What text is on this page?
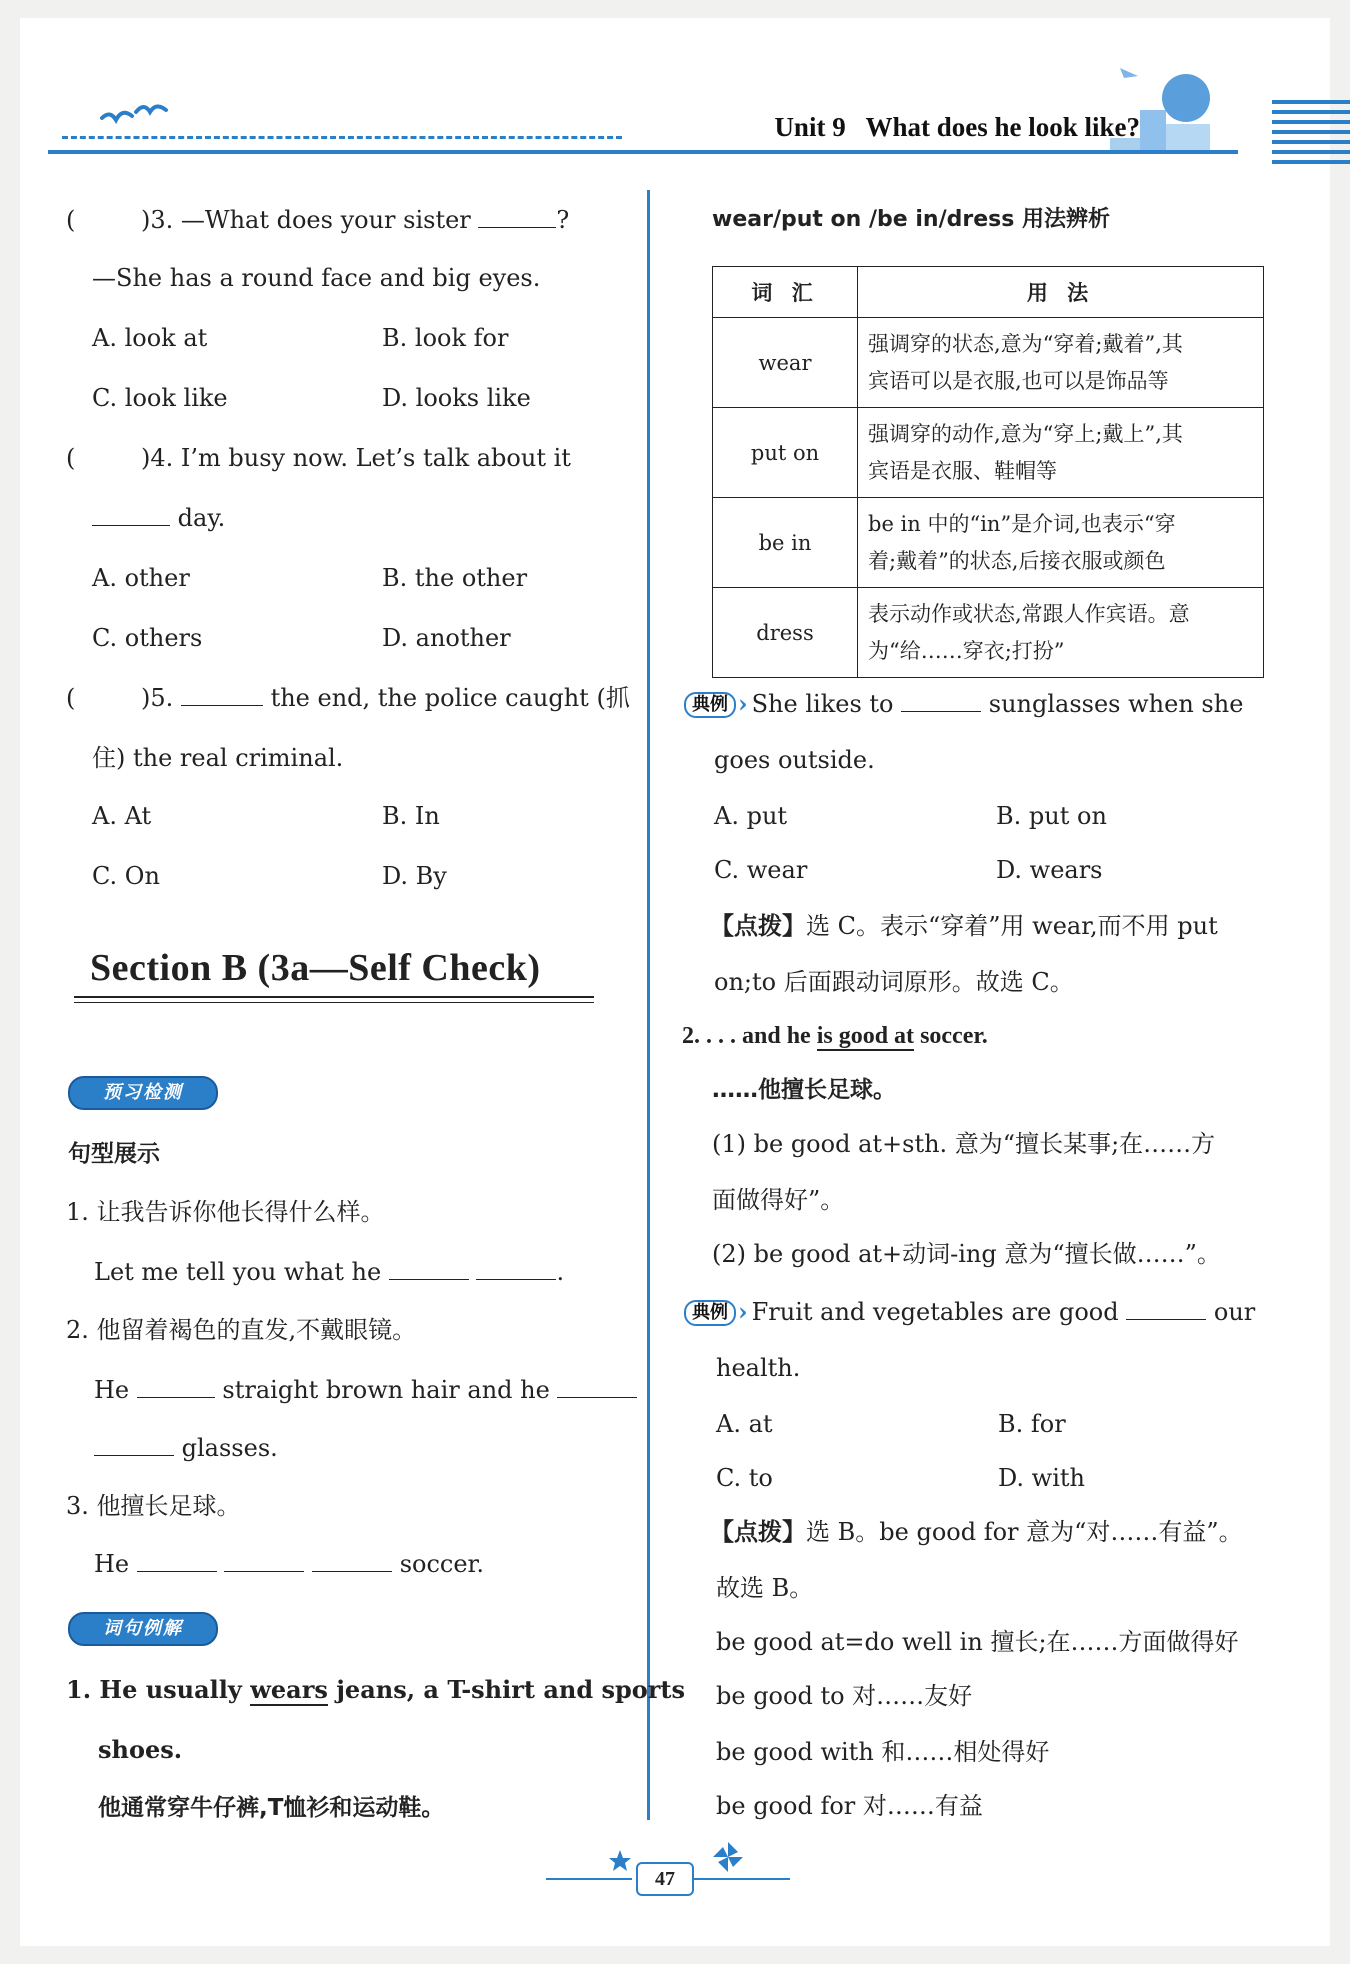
Unit 9   What does he look like?
(	)3. —What does your sister	?
—She has a round face and big eyes.
A. look at	B. look for
C. look like	D. looks like
(	)4. I’m busy now. Let’s talk about it
day.
A. other	B. the other
C. others	D. another
(	)5.	the end, the police caught (抓
住) the real criminal.
A. At	B. In
C. On	D. By
Section B (3a—Self Check)
预习检测
句型展示
1. 让我告诉你他长得什么样。
Let me tell you what he	.
2. 他留着褐色的直发,不戴眼镜。
He	straight brown hair and he
glasses.
3. 他擅长足球。
He	soccer.
词句例解
1. He usually wears jeans, a T-shirt and sports
shoes.
他通常穿牛仔裤,T恤衫和运动鞋。
wear/put on /be in/dress 用法辨析
词 汇	用 法
wear	强调穿的状态,意为“穿着;戴着”,其
宾语可以是衣服,也可以是饰品等

put on	强调穿的动作,意为“穿上;戴上”,其
宾语是衣服、鞋帽等

be in	be in 中的“in”是介词,也表示“穿
着;戴着”的状态,后接衣服或颜色

dress	表示动作或状态,常跟人作宾语。意
为“给……穿衣;打扮”
典例 › She likes to	sunglasses when she
goes outside.
A. put	B. put on
C. wear	D. wears
【点拨】选 C。表示“穿着”用 wear,而不用 put
on;to 后面跟动词原形。故选 C。
2. . . . and he is good at soccer.
……他擅长足球。
(1) be good at+sth. 意为“擅长某事;在……方
面做得好”。
(2) be good at+动词-ing 意为“擅长做……”。
典例 › Fruit and vegetables are good	our
health.
A. at	B. for
C. to	D. with
【点拨】选 B。be good for 意为“对……有益”。
故选 B。
be good at=do well in 擅长;在……方面做得好
be good to 对……友好
be good with 和……相处得好
be good for 对……有益
47
